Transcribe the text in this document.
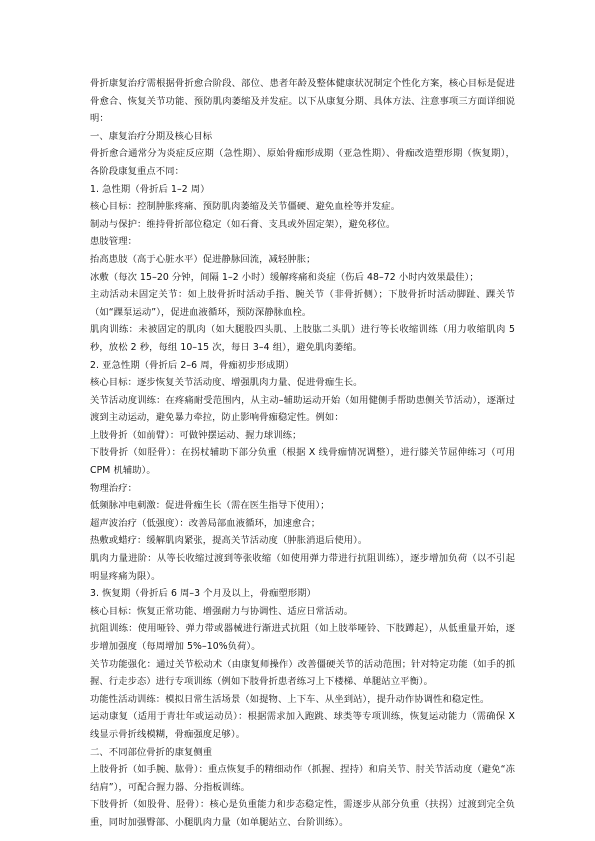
骨折康复治疗需根据骨折愈合阶段、部位、患者年龄及整体健康状况制定个性化方案，核心目标是促进骨愈合、恢复关节功能、预防肌肉萎缩及并发症。以下从康复分期、具体方法、注意事项三方面详细说明：

一、康复治疗分期及核心目标

骨折愈合通常分为炎症反应期（急性期）、原始骨痂形成期（亚急性期）、骨痂改造塑形期（恢复期），各阶段康复重点不同：

1. 急性期（骨折后 1–2 周）

核心目标：控制肿胀疼痛、预防肌肉萎缩及关节僵硬、避免血栓等并发症。

制动与保护：维持骨折部位稳定（如石膏、支具或外固定架），避免移位。

患肢管理：

抬高患肢（高于心脏水平）促进静脉回流，减轻肿胀；

冰敷（每次 15–20 分钟，间隔 1–2 小时）缓解疼痛和炎症（伤后 48–72 小时内效果最佳）；

主动活动未固定关节：如上肢骨折时活动手指、腕关节（非骨折侧）；下肢骨折时活动脚趾、踝关节（如“踝泵运动”），促进血液循环，预防深静脉血栓。

肌肉训练：未被固定的肌肉（如大腿股四头肌、上肢肱二头肌）进行等长收缩训练（用力收缩肌肉 5 秒，放松 2 秒，每组 10–15 次，每日 3–4 组），避免肌肉萎缩。

2. 亚急性期（骨折后 2–6 周，骨痂初步形成期）

核心目标：逐步恢复关节活动度、增强肌肉力量、促进骨痂生长。

关节活动度训练：在疼痛耐受范围内，从主动–辅助运动开始（如用健侧手帮助患侧关节活动），逐渐过渡到主动运动，避免暴力牵拉，防止影响骨痂稳定性。例如：

上肢骨折（如前臂）：可做钟摆运动、握力球训练；

下肢骨折（如胫骨）：在拐杖辅助下部分负重（根据 X 线骨痂情况调整），进行膝关节屈伸练习（可用 CPM 机辅助）。

物理治疗：

低频脉冲电刺激：促进骨痂生长（需在医生指导下使用）；

超声波治疗（低强度）：改善局部血液循环，加速愈合；

热敷或蜡疗：缓解肌肉紧张，提高关节活动度（肿胀消退后使用）。

肌肉力量进阶：从等长收缩过渡到等张收缩（如使用弹力带进行抗阻训练），逐步增加负荷（以不引起明显疼痛为限）。

3. 恢复期（骨折后 6 周–3 个月及以上，骨痂塑形期）

核心目标：恢复正常功能、增强耐力与协调性、适应日常活动。

抗阻训练：使用哑铃、弹力带或器械进行渐进式抗阻（如上肢举哑铃、下肢蹲起），从低重量开始，逐步增加强度（每周增加 5%–10%负荷）。

关节功能强化：通过关节松动术（由康复师操作）改善僵硬关节的活动范围；针对特定功能（如手的抓握、行走步态）进行专项训练（例如下肢骨折患者练习上下楼梯、单腿站立平衡）。

功能性活动训练：模拟日常生活场景（如提物、上下车、从坐到站），提升动作协调性和稳定性。

运动康复（适用于青壮年或运动员）：根据需求加入跑跳、球类等专项训练，恢复运动能力（需确保 X 线显示骨折线模糊，骨痂强度足够）。

二、不同部位骨折的康复侧重

上肢骨折（如手腕、肱骨）：重点恢复手的精细动作（抓握、捏持）和肩关节、肘关节活动度（避免“冻结肩”），可配合握力器、分指板训练。

下肢骨折（如股骨、胫骨）：核心是负重能力和步态稳定性，需逐步从部分负重（扶拐）过渡到完全负重，同时加强臀部、小腿肌肉力量（如单腿站立、台阶训练）。
